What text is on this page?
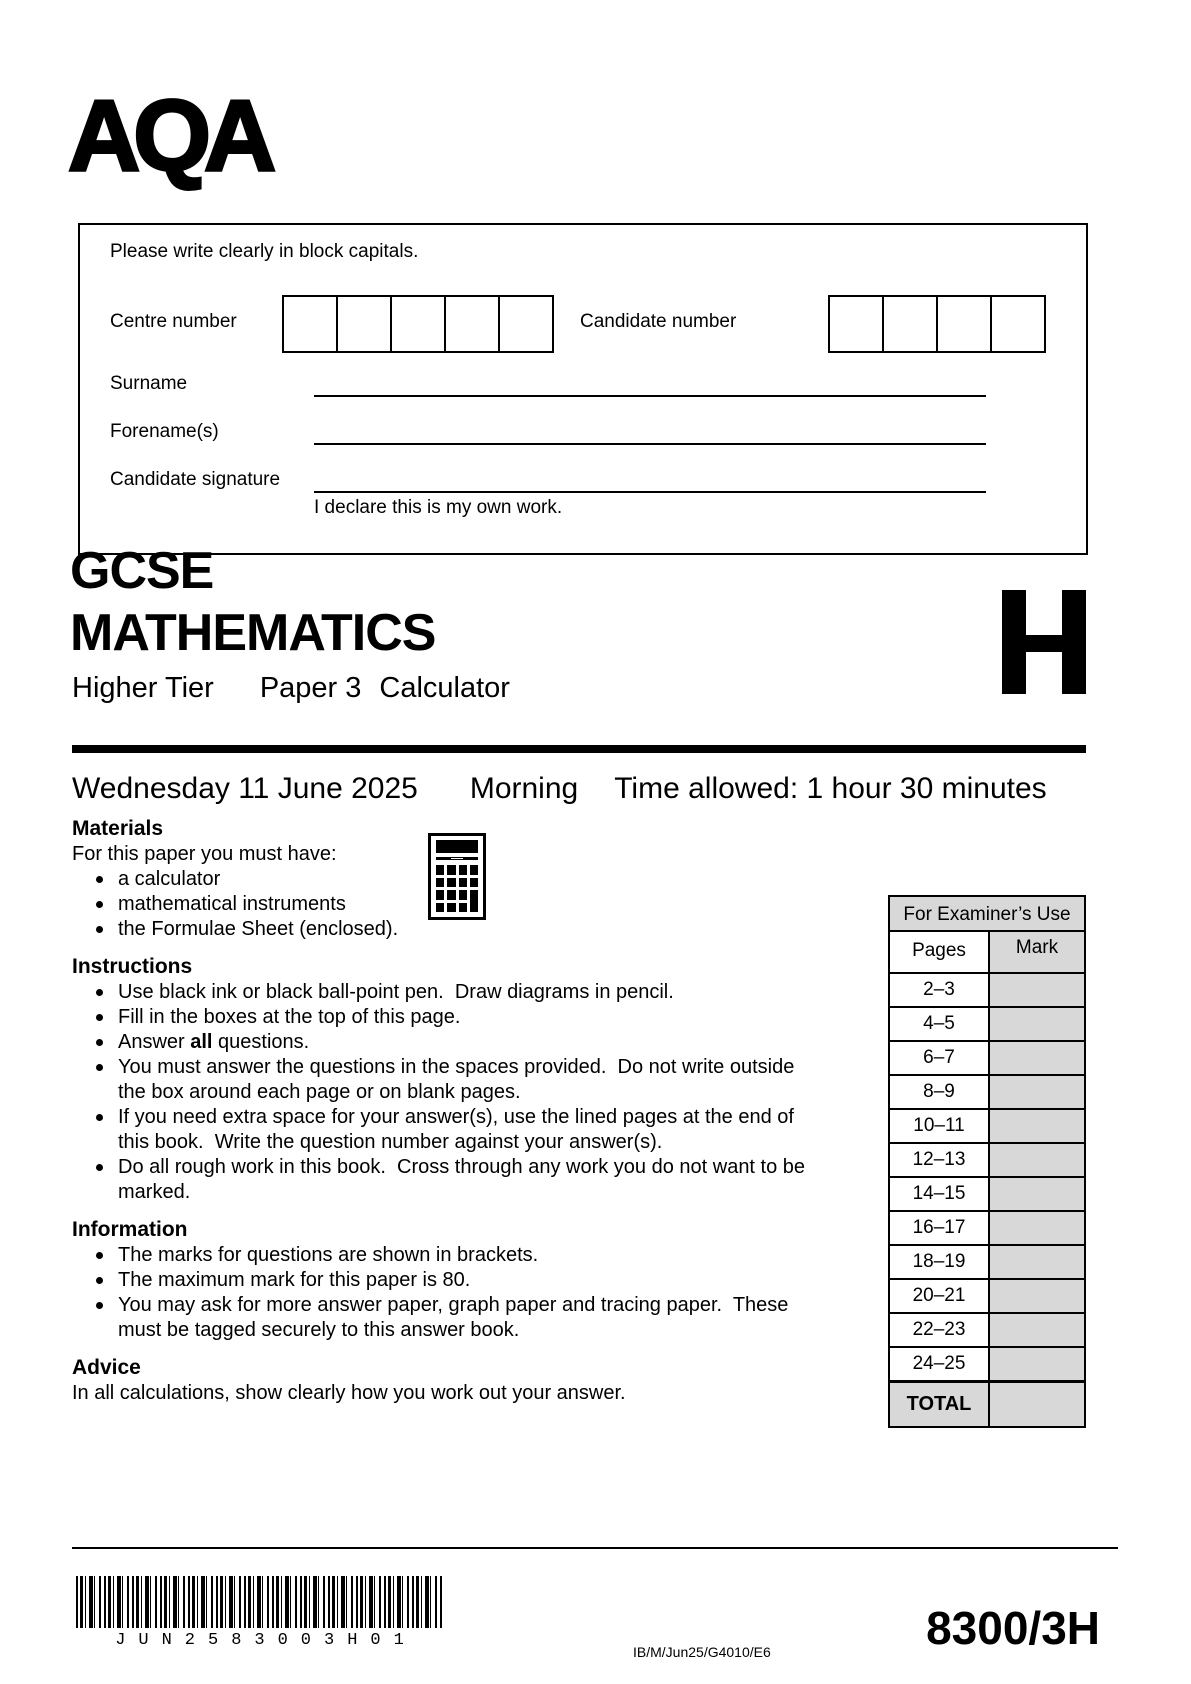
AQA
Please write clearly in block capitals.
Centre number	Candidate number
Surname
Forename(s)
Candidate signature
I declare this is my own work.
GCSE
MATHEMATICS
Higher Tier Paper 3 Calculator
Wednesday 11 June 2025 Morning Time allowed: 1 hour 30 minutes
Materials
For this paper you must have:
a calculator
mathematical instruments
the Formulae Sheet (enclosed).
Instructions
Use black ink or black ball-point pen.  Draw diagrams in pencil.
Fill in the boxes at the top of this page.
Answer all questions.
You must answer the questions in the spaces provided.  Do not write outside the box around each page or on blank pages.
If you need extra space for your answer(s), use the lined pages at the end of this book.  Write the question number against your answer(s).
Do all rough work in this book.  Cross through any work you do not want to be marked.
Information
The marks for questions are shown in brackets.
The maximum mark for this paper is 80.
You may ask for more answer paper, graph paper and tracing paper.  These must be tagged securely to this answer book.
Advice
In all calculations, show clearly how you work out your answer.
For Examiner’s Use
Pages	Mark
2–3
4–5
6–7
8–9
10–11
12–13
14–15
16–17
18–19
20–21
22–23
24–25
TOTAL
JUN2583003H01
IB/M/Jun25/G4010/E6	8300/3H
